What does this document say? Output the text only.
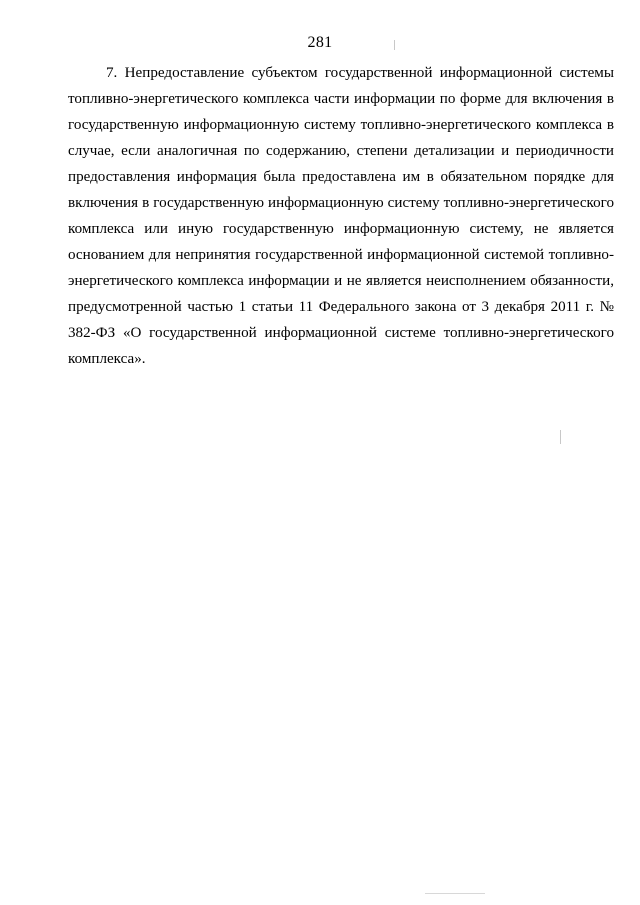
281

7. Непредоставление субъектом государственной информационной системы топливно-энергетического комплекса части информации по форме для включения в государственную информационную систему топливно-энергетического комплекса в случае, если аналогичная по содержанию, степени детализации и периодичности предоставления информация была предоставлена им в обязательном порядке для включения в государственную информационную систему топливно-энергетического комплекса или иную государственную информационную систему, не является основанием для непринятия государственной информационной системой топливно-энергетического комплекса информации и не является неисполнением обязанности, предусмотренной частью 1 статьи 11 Федерального закона от 3 декабря 2011 г. № 382-ФЗ «О государственной информационной системе топливно-энергетического комплекса».
